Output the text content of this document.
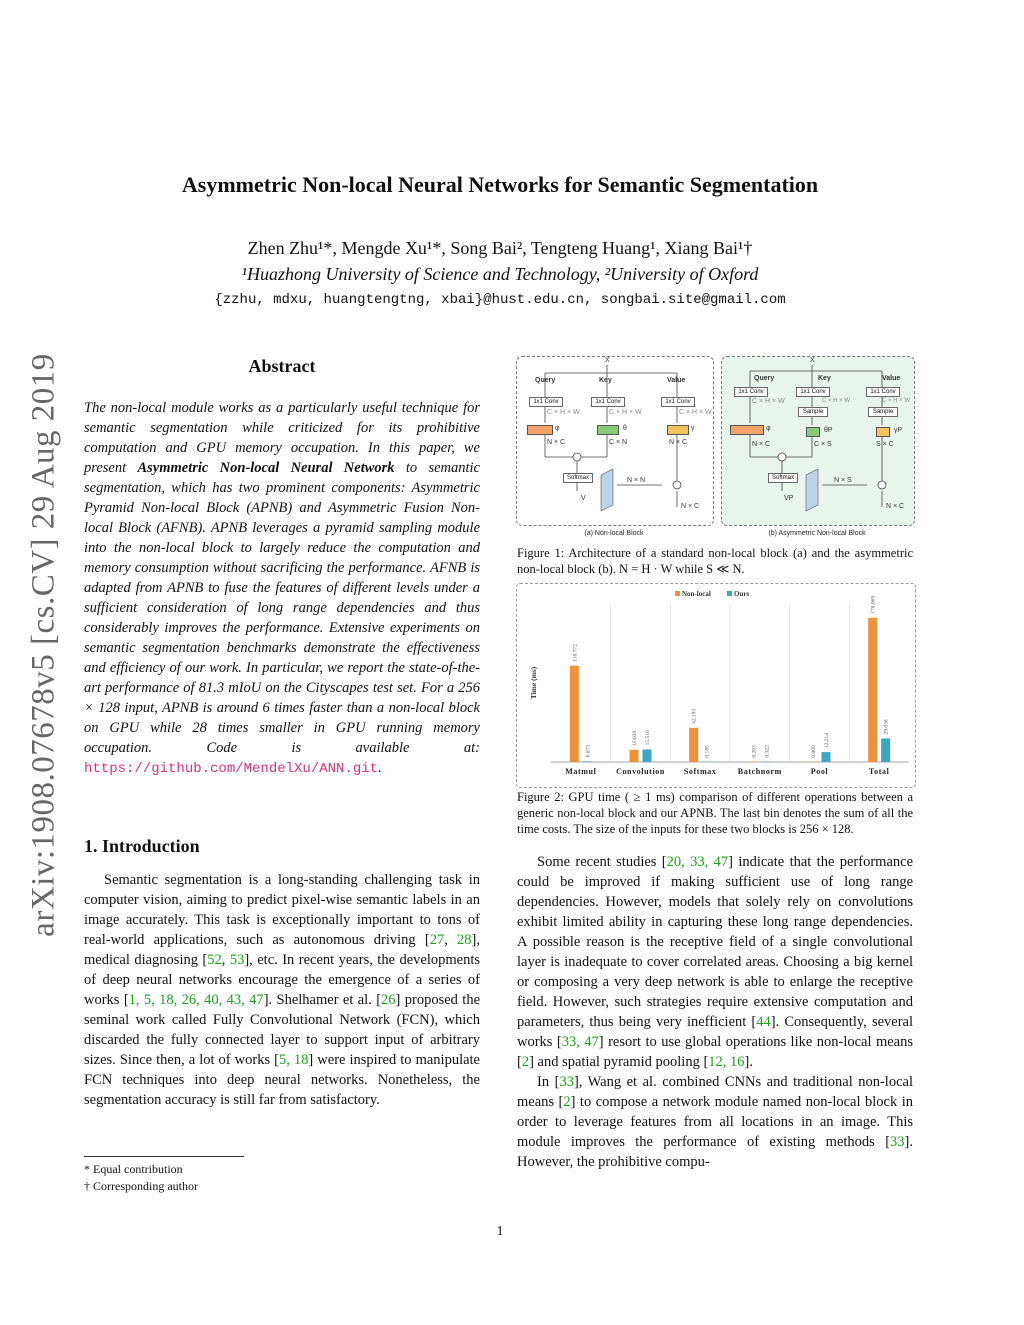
arXiv:1908.07678v5 [cs.CV] 29 Aug 2019
Asymmetric Non-local Neural Networks for Semantic Segmentation
Zhen Zhu¹*, Mengde Xu¹*, Song Bai², Tengteng Huang¹, Xiang Bai¹†
¹Huazhong University of Science and Technology, ²University of Oxford
{zzhu, mdxu, huangtengtng, xbai}@hust.edu.cn, songbai.site@gmail.com
Abstract
The non-local module works as a particularly useful technique for semantic segmentation while criticized for its prohibitive computation and GPU memory occupation. In this paper, we present Asymmetric Non-local Neural Network to semantic segmentation, which has two prominent components: Asymmetric Pyramid Non-local Block (APNB) and Asymmetric Fusion Non-local Block (AFNB). APNB leverages a pyramid sampling module into the non-local block to largely reduce the computation and memory consumption without sacrificing the performance. AFNB is adapted from APNB to fuse the features of different levels under a sufficient consideration of long range dependencies and thus considerably improves the performance. Extensive experiments on semantic segmentation benchmarks demonstrate the effectiveness and efficiency of our work. In particular, we report the state-of-the-art performance of 81.3 mIoU on the Cityscapes test set. For a 256 × 128 input, APNB is around 6 times faster than a non-local block on GPU while 28 times smaller in GPU running memory occupation. Code is available at: https://github.com/MendelXu/ANN.git.
1. Introduction

Semantic segmentation is a long-standing challenging task in computer vision, aiming to predict pixel-wise semantic labels in an image accurately. This task is exceptionally important to tons of real-world applications, such as autonomous driving [27, 28], medical diagnosing [52, 53], etc. In recent years, the developments of deep neural networks encourage the emergence of a series of works [1, 5, 18, 26, 40, 43, 47]. Shelhamer et al. [26] proposed the seminal work called Fully Convolutional Network (FCN), which discarded the fully connected layer to support input of arbitrary sizes. Since then, a lot of works [5, 18] were inspired to manipulate FCN techniques into deep neural networks. Nonetheless, the segmentation accuracy is still far from satisfactory.

* Equal contribution
† Corresponding author
1
X
Query	Key	Value
1x1 Conv	1x1 Conv	1x1 Conv
C × H × W	C × H × W	C × H × W
φ	θ	γ
N × C	C × N	N × C
Softmax
V
N × N
N × C
X
Query	Key	Value
1x1 Conv	1x1 Conv	1x1 Conv
C × H × W	C × H × W	C × H × W
Sample	Sample
φ	θP	γP
N × C	C × S	S × C
Softmax
VP
N × S
N × C
(a) Non-local Block	(b) Asymmetric Non-local Block
Figure 1: Architecture of a standard non-local block (a) and the asymmetric non-local block (b). N = H · W while S ≪ N.
Non-local	Ours
Time (ms)
118.772
0.873
Matmul
15.039 15.516
Convolution
42.193
0.185
Softmax
0.203 0.322
Batchnorm
0.009
12.214
Pool
178.069
29.038
Total
Figure 2: GPU time ( ≥ 1 ms) comparison of different operations between a generic non-local block and our APNB. The last bin denotes the sum of all the time costs. The size of the inputs for these two blocks is 256 × 128.

Some recent studies [20, 33, 47] indicate that the performance could be improved if making sufficient use of long range dependencies. However, models that solely rely on convolutions exhibit limited ability in capturing these long range dependencies. A possible reason is the receptive field of a single convolutional layer is inadequate to cover correlated areas. Choosing a big kernel or composing a very deep network is able to enlarge the receptive field. However, such strategies require extensive computation and parameters, thus being very inefficient [44]. Consequently, several works [33, 47] resort to use global operations like non-local means [2] and spatial pyramid pooling [12, 16].

In [33], Wang et al. combined CNNs and traditional non-local means [2] to compose a network module named non-local block in order to leverage features from all locations in an image. This module improves the performance of existing methods [33]. However, the prohibitive compu-
